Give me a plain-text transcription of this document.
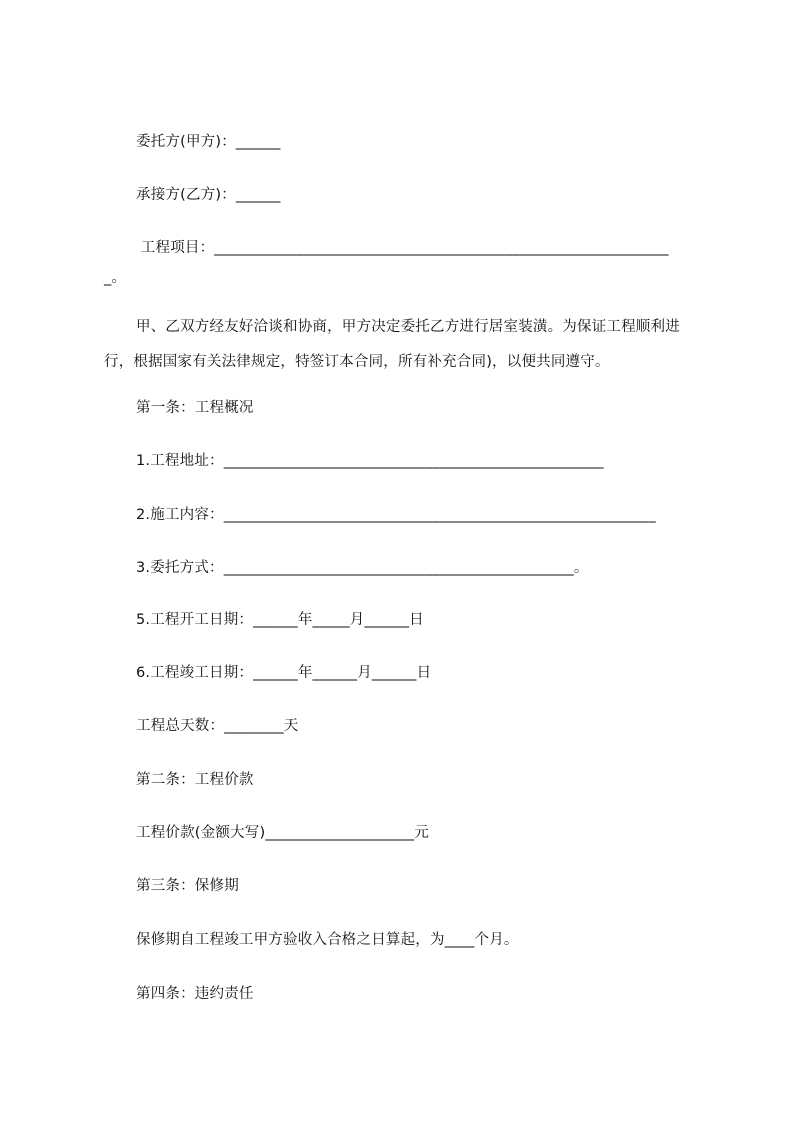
委托方(甲方)：______
承接方(乙方)：______
工程项目：_____________________________________________________________
_。
甲、乙双方经友好洽谈和协商，甲方决定委托乙方进行居室装潢。为保证工程顺利进行，根据国家有关法律规定，特签订本合同，所有补充合同)，以便共同遵守。
第一条：工程概况
1.工程地址：___________________________________________________
2.施工内容：__________________________________________________________
3.委托方式：_______________________________________________。
5.工程开工日期：______年_____月______日
6.工程竣工日期：______年______月______日
工程总天数：________天
第二条：工程价款
工程价款(金额大写)____________________元
第三条：保修期
保修期自工程竣工甲方验收入合格之日算起，为____个月。
第四条：违约责任
